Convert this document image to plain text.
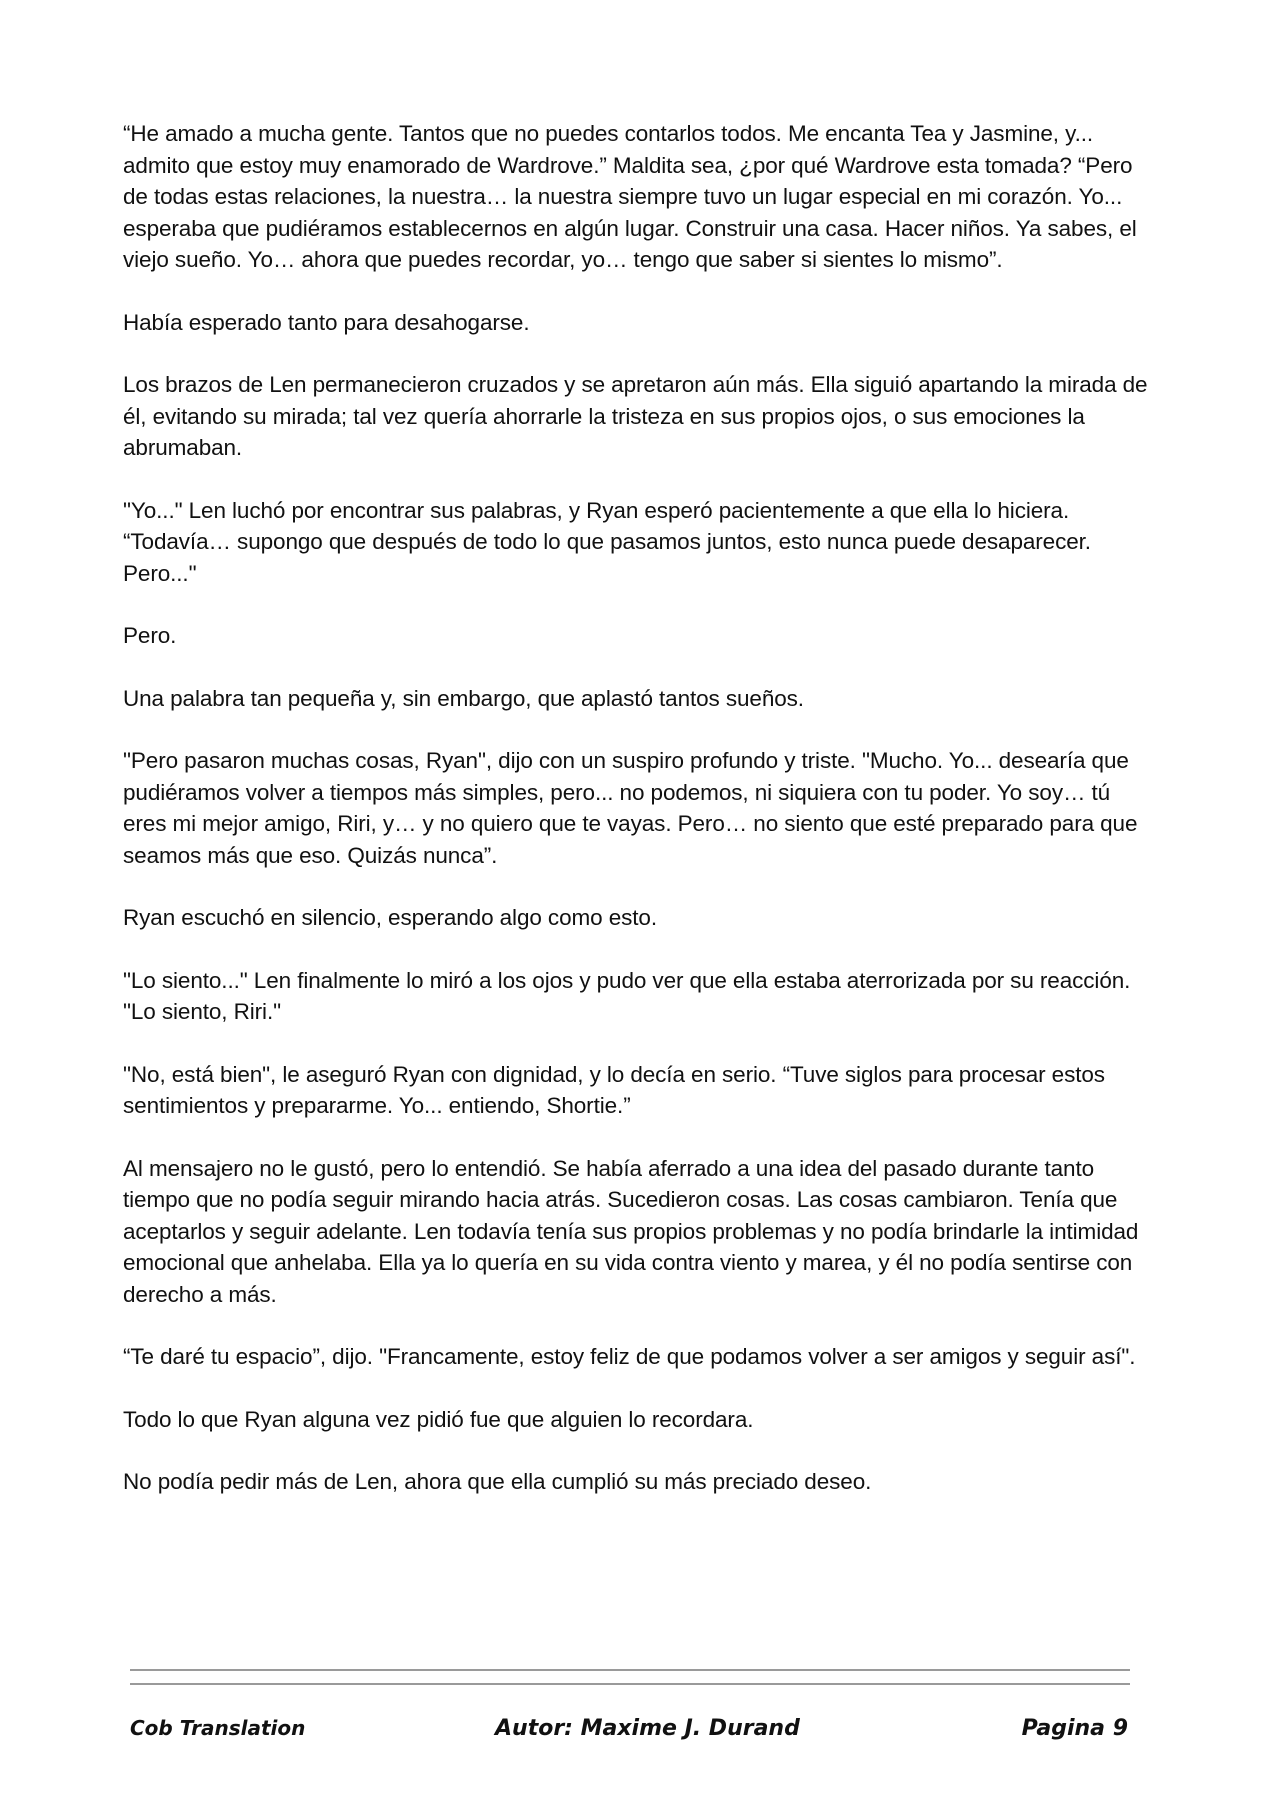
“He amado a mucha gente. Tantos que no puedes contarlos todos. Me encanta Tea y Jasmine, y... admito que estoy muy enamorado de Wardrove.” Maldita sea, ¿por qué Wardrove esta tomada? “Pero de todas estas relaciones, la nuestra… la nuestra siempre tuvo un lugar especial en mi corazón. Yo... esperaba que pudiéramos establecernos en algún lugar. Construir una casa. Hacer niños. Ya sabes, el viejo sueño. Yo… ahora que puedes recordar, yo… tengo que saber si sientes lo mismo”.

Había esperado tanto para desahogarse.

Los brazos de Len permanecieron cruzados y se apretaron aún más. Ella siguió apartando la mirada de él, evitando su mirada; tal vez quería ahorrarle la tristeza en sus propios ojos, o sus emociones la abrumaban.

"Yo..." Len luchó por encontrar sus palabras, y Ryan esperó pacientemente a que ella lo hiciera. “Todavía… supongo que después de todo lo que pasamos juntos, esto nunca puede desaparecer. Pero..."

Pero.

Una palabra tan pequeña y, sin embargo, que aplastó tantos sueños.

"Pero pasaron muchas cosas, Ryan", dijo con un suspiro profundo y triste. "Mucho. Yo... desearía que pudiéramos volver a tiempos más simples, pero... no podemos, ni siquiera con tu poder. Yo soy… tú eres mi mejor amigo, Riri, y… y no quiero que te vayas. Pero… no siento que esté preparado para que seamos más que eso. Quizás nunca”.

Ryan escuchó en silencio, esperando algo como esto.

"Lo siento..." Len finalmente lo miró a los ojos y pudo ver que ella estaba aterrorizada por su reacción. "Lo siento, Riri."

"No, está bien", le aseguró Ryan con dignidad, y lo decía en serio. “Tuve siglos para procesar estos sentimientos y prepararme. Yo... entiendo, Shortie.”

Al mensajero no le gustó, pero lo entendió. Se había aferrado a una idea del pasado durante tanto tiempo que no podía seguir mirando hacia atrás. Sucedieron cosas. Las cosas cambiaron. Tenía que aceptarlos y seguir adelante. Len todavía tenía sus propios problemas y no podía brindarle la intimidad emocional que anhelaba. Ella ya lo quería en su vida contra viento y marea, y él no podía sentirse con derecho a más.

“Te daré tu espacio”, dijo. "Francamente, estoy feliz de que podamos volver a ser amigos y seguir así".

Todo lo que Ryan alguna vez pidió fue que alguien lo recordara.

No podía pedir más de Len, ahora que ella cumplió su más preciado deseo.

Cob Translation	Autor: Maxime J. Durand	Pagina 9
